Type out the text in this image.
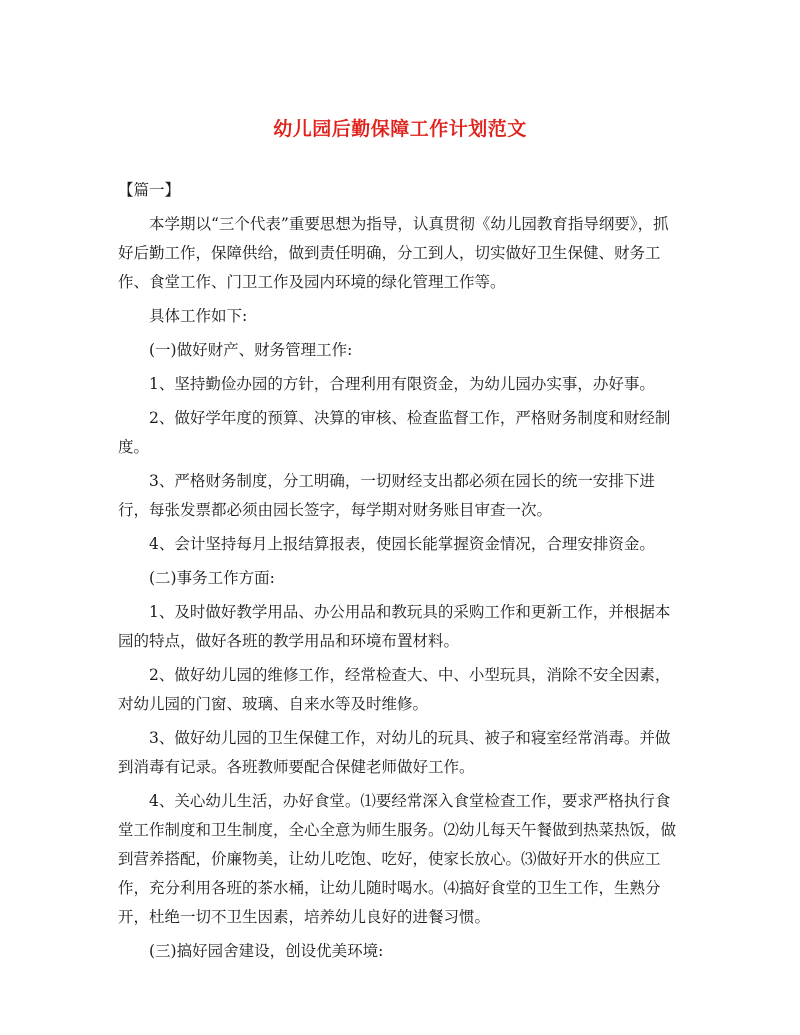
幼儿园后勤保障工作计划范文

【篇一】

本学期以“三个代表”重要思想为指导，认真贯彻《幼儿园教育指导纲要》，抓好后勤工作，保障供给，做到责任明确，分工到人，切实做好卫生保健、财务工作、食堂工作、门卫工作及园内环境的绿化管理工作等。

具体工作如下:

(一)做好财产、财务管理工作:

1、坚持勤俭办园的方针，合理利用有限资金，为幼儿园办实事，办好事。

2、做好学年度的预算、决算的审核、检查监督工作，严格财务制度和财经制度。

3、严格财务制度，分工明确，一切财经支出都必须在园长的统一安排下进行，每张发票都必须由园长签字，每学期对财务账目审查一次。

4、会计坚持每月上报结算报表，使园长能掌握资金情况，合理安排资金。

(二)事务工作方面:

1、及时做好教学用品、办公用品和教玩具的采购工作和更新工作，并根据本园的特点，做好各班的教学用品和环境布置材料。

2、做好幼儿园的维修工作，经常检查大、中、小型玩具，消除不安全因素，对幼儿园的门窗、玻璃、自来水等及时维修。

3、做好幼儿园的卫生保健工作，对幼儿的玩具、被子和寝室经常消毒。并做到消毒有记录。各班教师要配合保健老师做好工作。

4、关心幼儿生活，办好食堂。⑴要经常深入食堂检查工作，要求严格执行食堂工作制度和卫生制度，全心全意为师生服务。⑵幼儿每天午餐做到热菜热饭，做到营养搭配，价廉物美，让幼儿吃饱、吃好，使家长放心。⑶做好开水的供应工作，充分利用各班的茶水桶，让幼儿随时喝水。⑷搞好食堂的卫生工作，生熟分开，杜绝一切不卫生因素，培养幼儿良好的进餐习惯。

(三)搞好园舍建设，创设优美环境:
